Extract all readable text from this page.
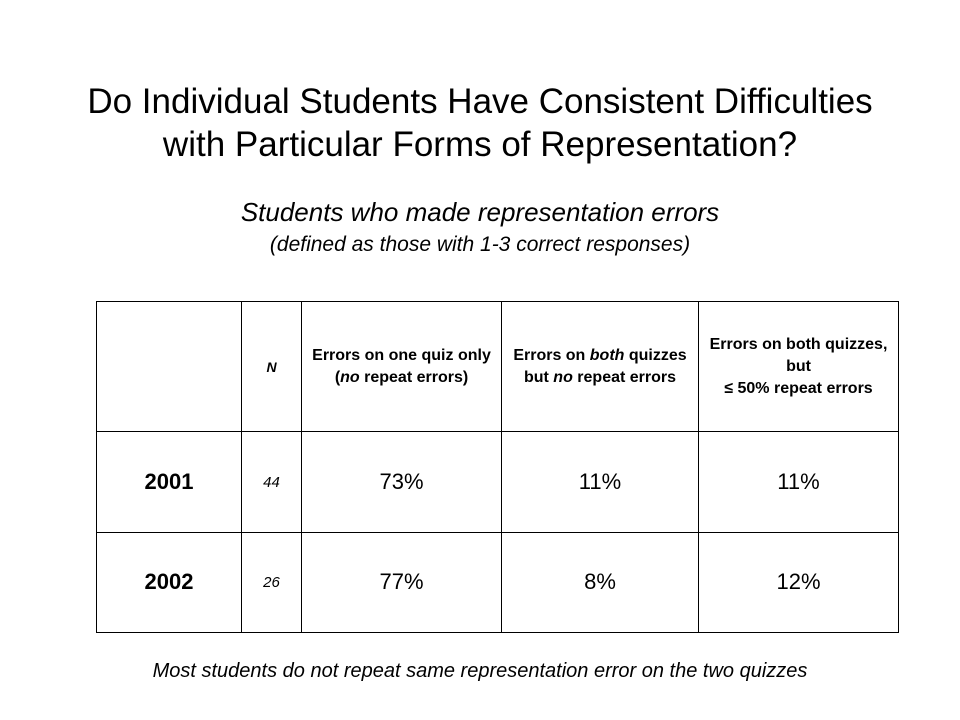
Do Individual Students Have Consistent Difficulties
with Particular Forms of Representation?
Students who made representation errors
(defined as those with 1-3 correct responses)
	N	Errors on one quiz only (no repeat errors)	Errors on both quizzes but no repeat errors	Errors on both quizzes, but
≤ 50% repeat errors
2001	44	73%	11%	11%
2002	26	77%	8%	12%
Most students do not repeat same representation error on the two quizzes
